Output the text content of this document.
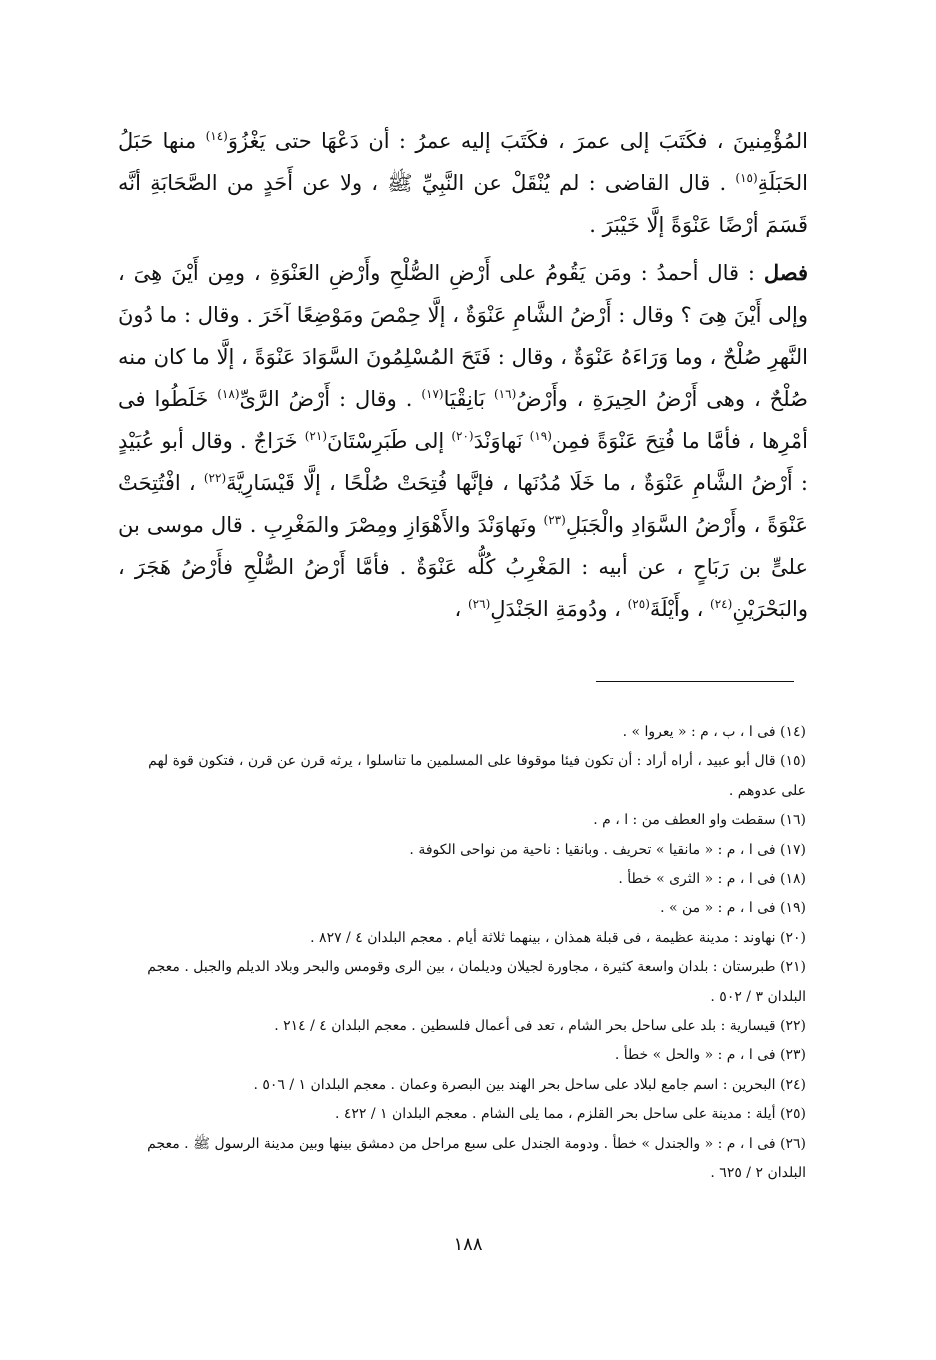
المُؤْمِنينَ ، فكَتَبَ إلى عمرَ ، فكَتَبَ إليه عمرُ : أن دَعْهَا حتى يَغْزُوَ$^{(١٤)}$ منها حَبَلُ الحَبَلَةِ$^{(١٥)}$ . قال القاضى : لم يُنْقَلْ عن النَّبِيِّ ﷺ ، ولا عن أَحَدٍ من الصَّحَابَةِ أنَّه قَسَمَ أرْضًا عَنْوَةً إلَّا خَيْبَرَ .

فصل : قال أحمدُ : ومَن يَقُومُ على أَرْضِ الصُّلْحِ وأَرْضِ العَنْوَةِ ، ومِن أَيْنَ هِىَ ، وإلى أَيْنَ هِىَ ؟ وقال : أَرْضُ الشَّامِ عَنْوَةٌ ، إلَّا حِمْصَ ومَوْضِعًا آخَرَ . وقال : ما دُونَ النَّهرِ صُلْحٌ ، وما وَرَاءَهُ عَنْوَةٌ ، وقال : فَتَحَ المُسْلِمُونَ السَّوَادَ عَنْوَةً ، إلَّا ما كان منه صُلْحٌ ، وهى أَرْضُ الحِيرَةِ ، وأَرْضُ$^{(١٦)}$ بَانِقْيَا$^{(١٧)}$ . وقال : أَرْضُ الرَّىِّ$^{(١٨)}$ خَلَطُوا فى أمْرِها ، فأمَّا ما فُتِحَ عَنْوَةً فمِن$^{(١٩)}$ نَهاوَنْدَ$^{(٢٠)}$ إلى طَبَرِسْتَانَ$^{(٢١)}$ خَرَاجٌ . وقال أبو عُبَيْدٍ : أَرْضُ الشَّامِ عَنْوَةٌ ، ما خَلَا مُدُنَها ، فإنَّها فُتِحَتْ صُلْحًا ، إلَّا قَيْسَارِيَّةَ$^{(٢٢)}$ ، افْتُتِحَتْ عَنْوَةً ، وأَرْضُ السَّوَادِ والْجَبَلِ$^{(٢٣)}$ ونَهاوَنْدَ والأَهْوَازِ ومِصْرَ والمَغْرِبِ . قال موسى بن علىٍّ بن رَبَاحٍ ، عن أبيه : المَغْرِبُ كُلُّه عَنْوَةٌ . فأمَّا أَرْضُ الصُّلْحِ فأَرْضُ هَجَرَ ، والبَحْرَيْنِ$^{(٢٤)}$ ، وأَيْلَةَ$^{(٢٥)}$ ، ودُومَةِ الجَنْدَلِ$^{(٢٦)}$ ،

(١٤) فى ا ، ب ، م : « يعروا » .

(١٥) قال أبو عبيد ، أراه أراد : أن تكون فيئا موقوفا على المسلمين ما تناسلوا ، يرثه قرن عن قرن ، فتكون قوة لهم على عدوهم .

(١٦) سقطت واو العطف من : ا ، م .

(١٧) فى ا ، م : « مانقيا » تحريف . وبانقيا : ناحية من نواحى الكوفة .

(١٨) فى ا ، م : « الثرى » خطأ .

(١٩) فى ا ، م : « من » .

(٢٠) نهاوند : مدينة عظيمة ، فى قبلة همذان ، بينهما ثلاثة أيام . معجم البلدان ٤ / ٨٢٧ .

(٢١) طبرستان : بلدان واسعة كثيرة ، مجاورة لجيلان وديلمان ، بين الرى وقومس والبحر وبلاد الديلم والجبل . معجم البلدان ٣ / ٥٠٢ .

(٢٢) قيسارية : بلد على ساحل بحر الشام ، تعد فى أعمال فلسطين . معجم البلدان ٤ / ٢١٤ .

(٢٣) فى ا ، م : « والحل » خطأ .

(٢٤) البحرين : اسم جامع لبلاد على ساحل بحر الهند بين البصرة وعمان . معجم البلدان ١ / ٥٠٦ .

(٢٥) أيلة : مدينة على ساحل بحر القلزم ، مما يلى الشام . معجم البلدان ١ / ٤٢٢ .

(٢٦) فى ا ، م : « والجندل » خطأ . ودومة الجندل على سبع مراحل من دمشق بينها وبين مدينة الرسول ﷺ . معجم البلدان ٢ / ٦٢٥ .

١٨٨
